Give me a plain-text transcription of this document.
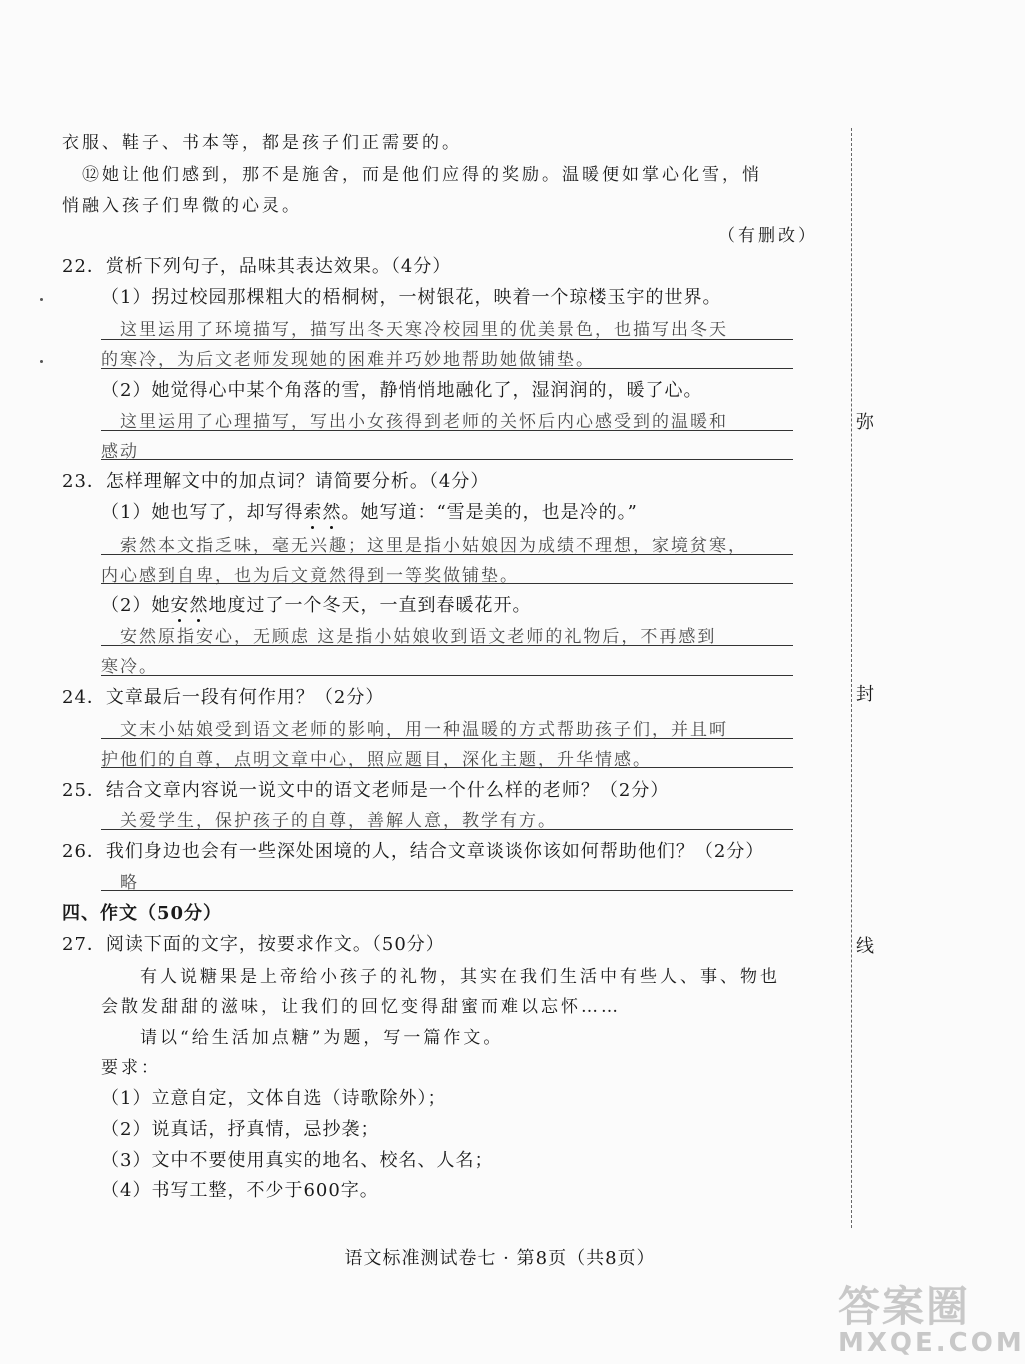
衣服、鞋子、书本等，都是孩子们正需要的。
⑫她让他们感到，那不是施舍，而是他们应得的奖励。温暖便如掌心化雪，悄
悄融入孩子们卑微的心灵。
（有删改）
22．赏析下列句子，品味其表达效果。（4分）
（1）拐过校园那棵粗大的梧桐树，一树银花，映着一个琼楼玉宇的世界。
这里运用了环境描写，描写出冬天寒冷校园里的优美景色，也描写出冬天
的寒冷，为后文老师发现她的困难并巧妙地帮助她做铺垫。
（2）她觉得心中某个角落的雪，静悄悄地融化了，湿润润的，暖了心。
这里运用了心理描写，写出小女孩得到老师的关怀后内心感受到的温暖和
感动
23．怎样理解文中的加点词？请简要分析。（4分）
（1）她也写了，却写得索然。她写道：“雪是美的，也是冷的。”
索然本文指乏味，毫无兴趣；这里是指小姑娘因为成绩不理想，家境贫寒，
内心感到自卑，也为后文竟然得到一等奖做铺垫。
（2）她安然地度过了一个冬天，一直到春暖花开。
安然原指安心，无顾虑 这是指小姑娘收到语文老师的礼物后，不再感到
寒冷。
24．文章最后一段有何作用？（2分）
文末小姑娘受到语文老师的影响，用一种温暖的方式帮助孩子们，并且呵
护他们的自尊，点明文章中心，照应题目，深化主题，升华情感。
25．结合文章内容说一说文中的语文老师是一个什么样的老师？（2分）
关爱学生，保护孩子的自尊，善解人意，教学有方。
26．我们身边也会有一些深处困境的人，结合文章谈谈你该如何帮助他们？（2分）
略
四、作文（50分）
27．阅读下面的文字，按要求作文。（50分）
有人说糖果是上帝给小孩子的礼物，其实在我们生活中有些人、事、物也
会散发甜甜的滋味，让我们的回忆变得甜蜜而难以忘怀……
请以“给生活加点糖”为题，写一篇作文。
要求：
（1）立意自定，文体自选（诗歌除外）；
（2）说真话，抒真情，忌抄袭；
（3）文中不要使用真实的地名、校名、人名；
（4）书写工整，不少于600字。
弥
封
线
语文标准测试卷七 · 第8页（共8页）
答案圈
MXQE.COM
